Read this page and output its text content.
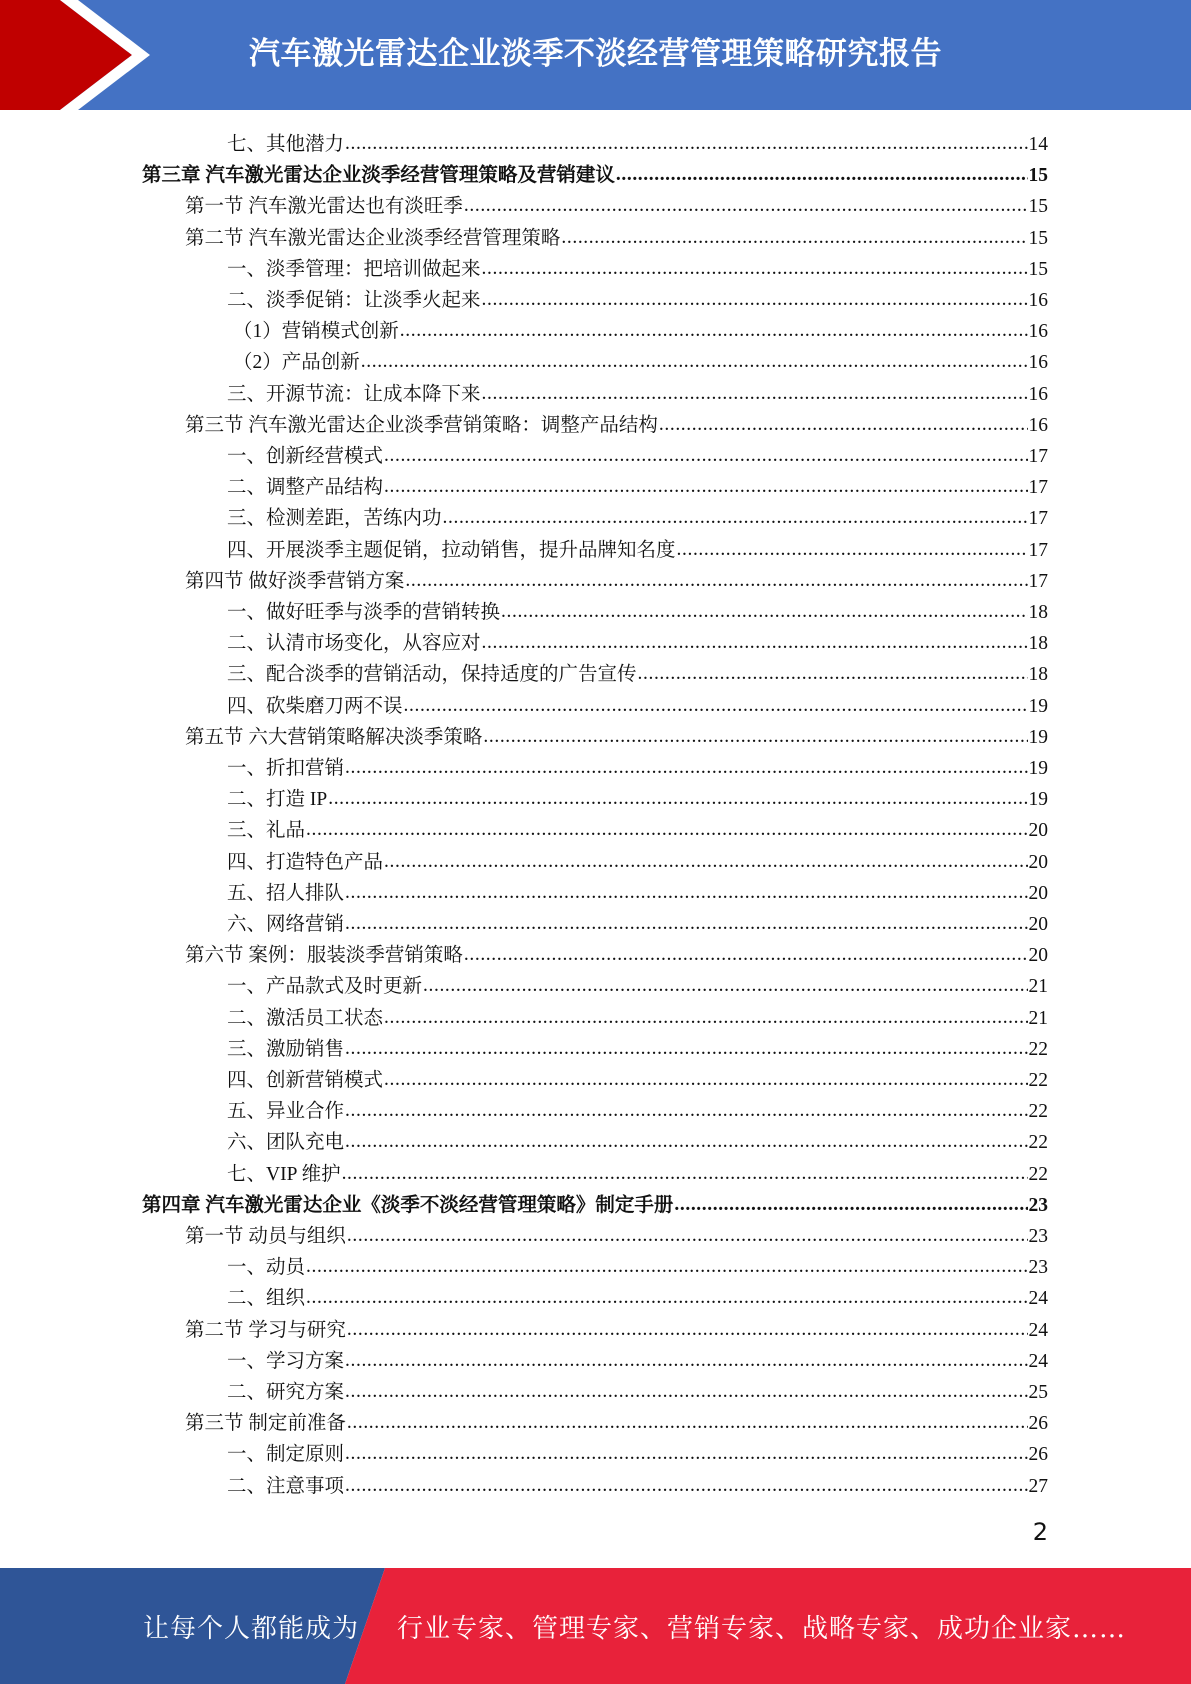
汽车激光雷达企业淡季不淡经营管理策略研究报告
七、其他潜力 .....	14
第三章 汽车激光雷达企业淡季经营管理策略及营销建议 .....	15
第一节 汽车激光雷达也有淡旺季 .....	15
第二节 汽车激光雷达企业淡季经营管理策略 .....	15
一、淡季管理：把培训做起来 .....	15
二、淡季促销：让淡季火起来 .....	16
（1）营销模式创新 .....	16
（2）产品创新 .....	16
三、开源节流：让成本降下来 .....	16
第三节 汽车激光雷达企业淡季营销策略：调整产品结构 .....	16
一、创新经营模式 .....	17
二、调整产品结构 .....	17
三、检测差距，苦练内功 .....	17
四、开展淡季主题促销，拉动销售，提升品牌知名度 .....	17
第四节 做好淡季营销方案 .....	17
一、做好旺季与淡季的营销转换 .....	18
二、认清市场变化，从容应对 .....	18
三、配合淡季的营销活动，保持适度的广告宣传 .....	18
四、砍柴磨刀两不误 .....	19
第五节 六大营销策略解决淡季策略 .....	19
一、折扣营销 .....	19
二、打造 IP .....	19
三、礼品 .....	20
四、打造特色产品 .....	20
五、招人排队 .....	20
六、网络营销 .....	20
第六节 案例：服装淡季营销策略 .....	20
一、产品款式及时更新 .....	21
二、激活员工状态 .....	21
三、激励销售 .....	22
四、创新营销模式 .....	22
五、异业合作 .....	22
六、团队充电 .....	22
七、VIP 维护 .....	22
第四章 汽车激光雷达企业《淡季不淡经营管理策略》制定手册 .....	23
第一节 动员与组织 .....	23
一、动员 .....	23
二、组织 .....	24
第二节 学习与研究 .....	24
一、学习方案 .....	24
二、研究方案 .....	25
第三节 制定前准备 .....	26
一、制定原则 .....	26
二、注意事项 .....	27
2
让每个人都能成为 行业专家、管理专家、营销专家、战略专家、成功企业家……
